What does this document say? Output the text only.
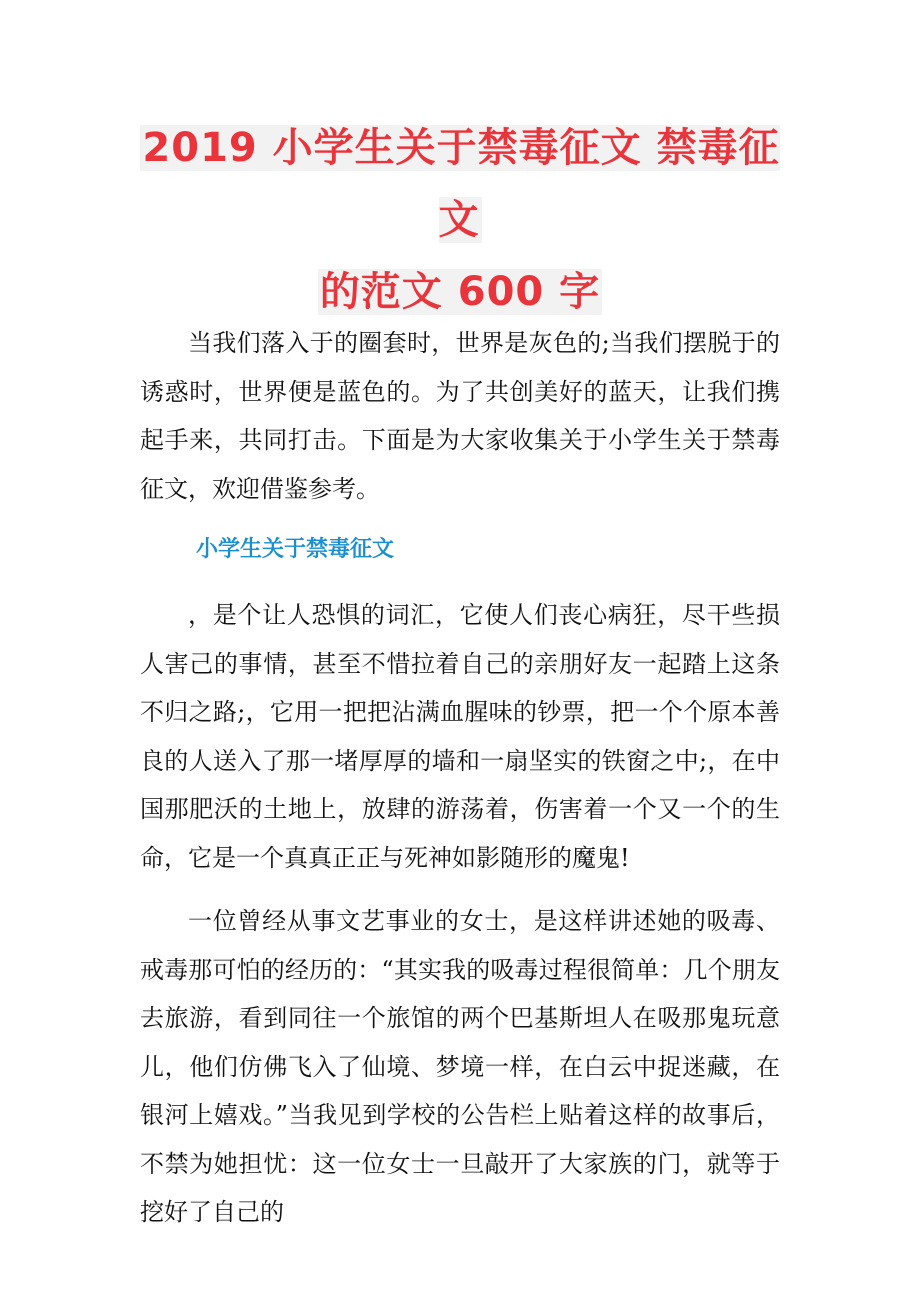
2019 小学生关于禁毒征文 禁毒征文
的范文 600 字

当我们落入于的圈套时，世界是灰色的;当我们摆脱于的诱惑时，世界便是蓝色的。为了共创美好的蓝天，让我们携起手来，共同打击。下面是为大家收集关于小学生关于禁毒征文，欢迎借鉴参考。

小学生关于禁毒征文

，是个让人恐惧的词汇，它使人们丧心病狂，尽干些损人害己的事情，甚至不惜拉着自己的亲朋好友一起踏上这条不归之路;，它用一把把沾满血腥味的钞票，把一个个原本善良的人送入了那一堵厚厚的墙和一扇坚实的铁窗之中;，在中国那肥沃的土地上，放肆的游荡着，伤害着一个又一个的生命，它是一个真真正正与死神如影随形的魔鬼!

一位曾经从事文艺事业的女士，是这样讲述她的吸毒、戒毒那可怕的经历的：“其实我的吸毒过程很简单：几个朋友去旅游，看到同往一个旅馆的两个巴基斯坦人在吸那鬼玩意儿，他们仿佛飞入了仙境、梦境一样，在白云中捉迷藏，在银河上嬉戏。”当我见到学校的公告栏上贴着这样的故事后，不禁为她担忧：这一位女士一旦敲开了大家族的门，就等于挖好了自己的
